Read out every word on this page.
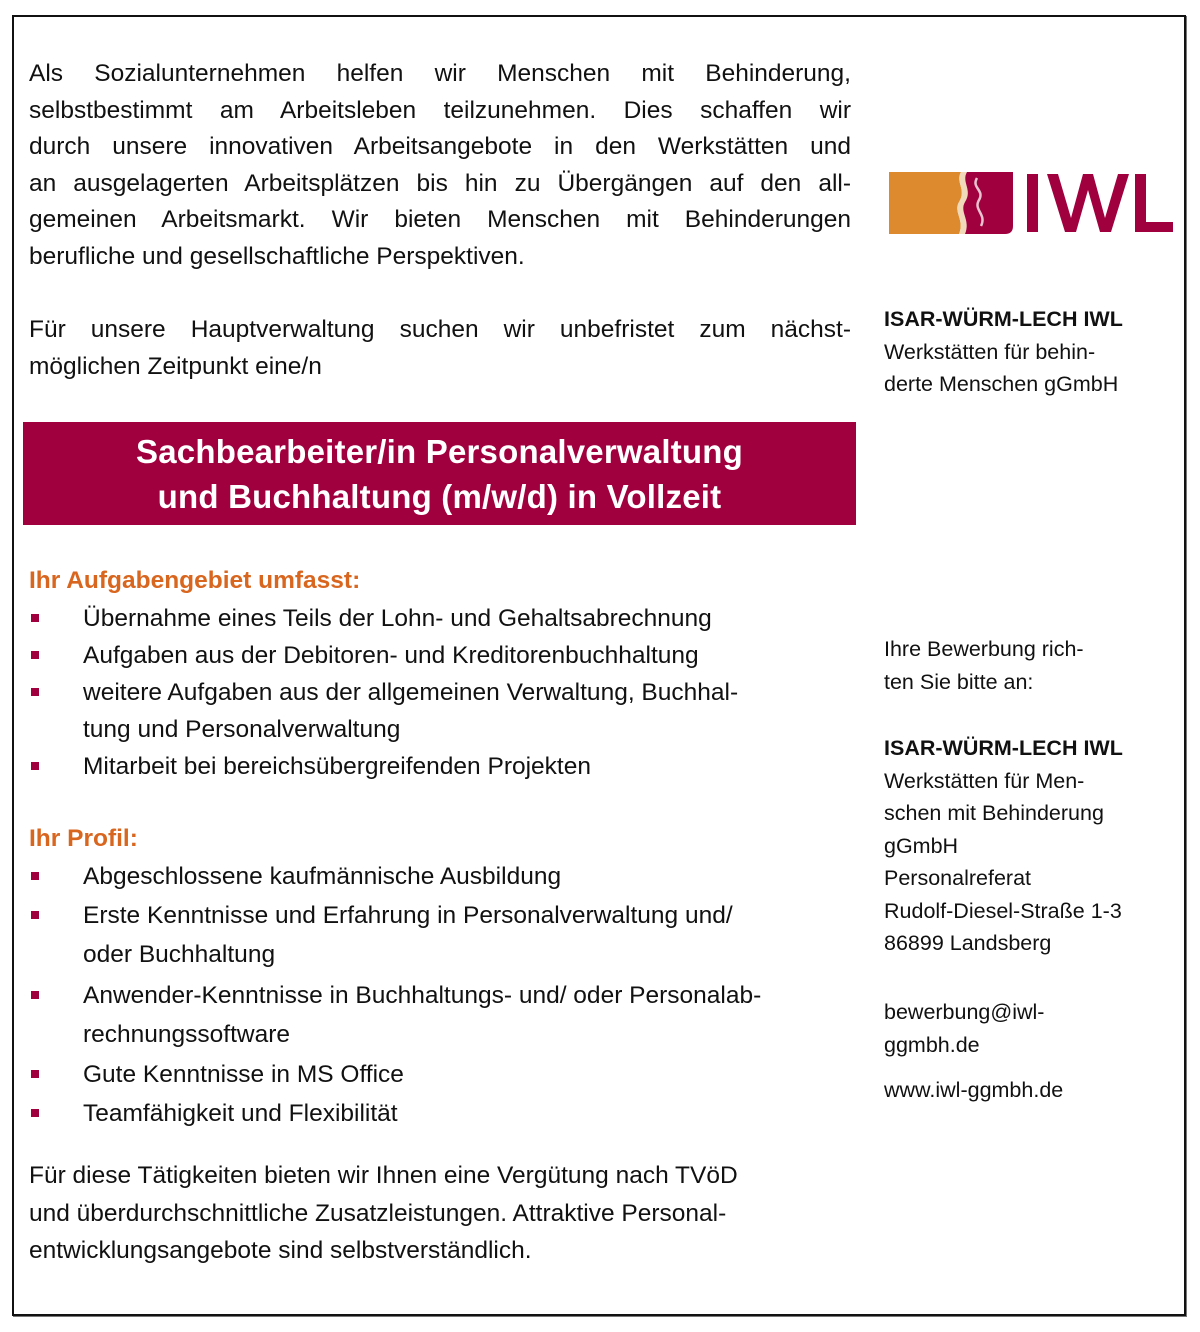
Als Sozialunternehmen helfen wir Menschen mit Behinderung,
selbstbestimmt am Arbeitsleben teilzunehmen. Dies schaffen wir
durch unsere innovativen Arbeitsangebote in den Werkstätten und
an ausgelagerten Arbeitsplätzen bis hin zu Übergängen auf den all-
gemeinen Arbeitsmarkt. Wir bieten Menschen mit Behinderungen
berufliche und gesellschaftliche Perspektiven.

Für unsere Hauptverwaltung suchen wir unbefristet zum nächst-
möglichen Zeitpunkt eine/n

Sachbearbeiter/in Personalverwaltung
und Buchhaltung (m/w/d) in Vollzeit
Ihr Aufgabengebiet umfasst:
Übernahme eines Teils der Lohn- und Gehaltsabrechnung
Aufgaben aus der Debitoren- und Kreditorenbuchhaltung
weitere Aufgaben aus der allgemeinen Verwaltung, Buchhal-
tung und Personalverwaltung
Mitarbeit bei bereichsübergreifenden Projekten
Ihr Profil:
Abgeschlossene kaufmännische Ausbildung
Erste Kenntnisse und Erfahrung in Personalverwaltung und/
oder Buchhaltung
Anwender-Kenntnisse in Buchhaltungs- und/ oder Personalab-
rechnungssoftware
Gute Kenntnisse in MS Office
Teamfähigkeit und Flexibilität

Für diese Tätigkeiten bieten wir Ihnen eine Vergütung nach TVöD
und überdurchschnittliche Zusatzleistungen. Attraktive Personal-
entwicklungsangebote sind selbstverständlich.

ISAR-WÜRM-LECH IWL
Werkstätten für behin-
derte Menschen gGmbH
Ihre Bewerbung rich-
ten Sie bitte an:
ISAR-WÜRM-LECH IWL
Werkstätten für Men-
schen mit Behinderung
gGmbH
Personalreferat
Rudolf-Diesel-Straße 1-3
86899 Landsberg
bewerbung@iwl-
ggmbh.de
www.iwl-ggmbh.de
